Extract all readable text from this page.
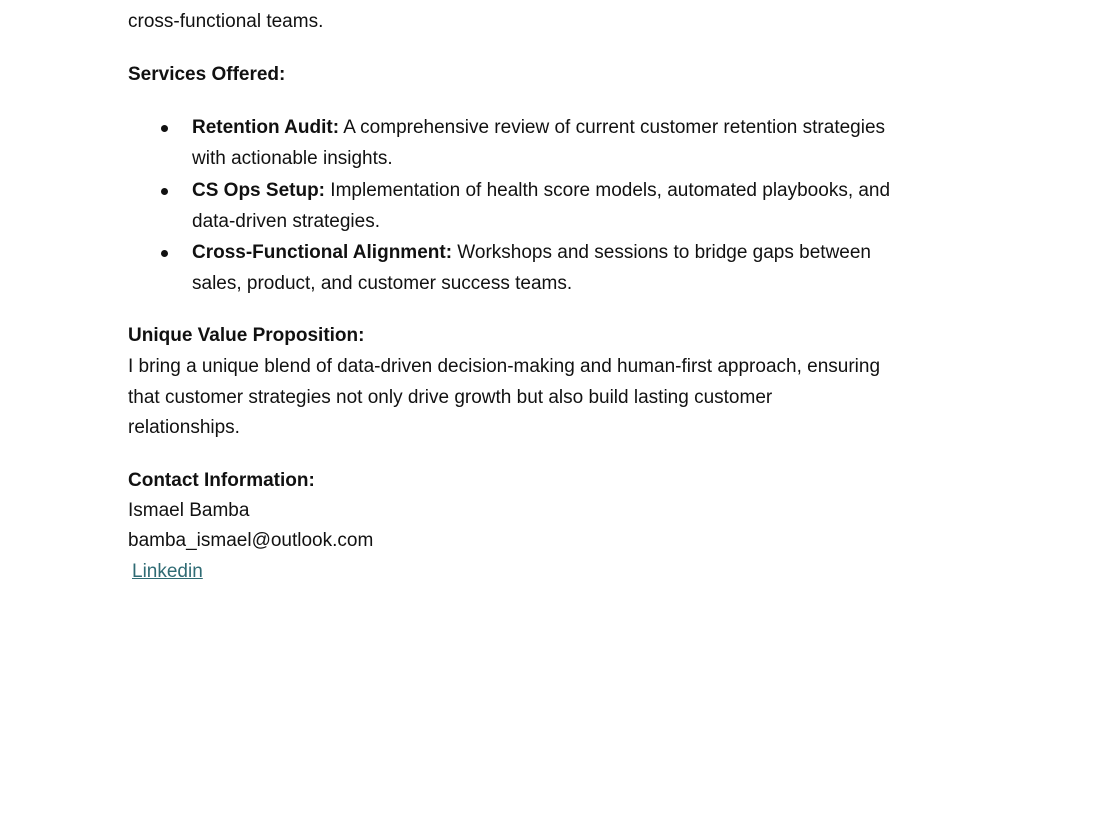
cross-functional teams.
Services Offered:
Retention Audit: A comprehensive review of current customer retention strategies
with actionable insights.
CS Ops Setup: Implementation of health score models, automated playbooks, and
data-driven strategies.
Cross-Functional Alignment: Workshops and sessions to bridge gaps between
sales, product, and customer success teams.
Unique Value Proposition:
I bring a unique blend of data-driven decision-making and human-first approach, ensuring
that customer strategies not only drive growth but also build lasting customer
relationships.
Contact Information:
Ismael Bamba
bamba_ismael@outlook.com
Linkedin
